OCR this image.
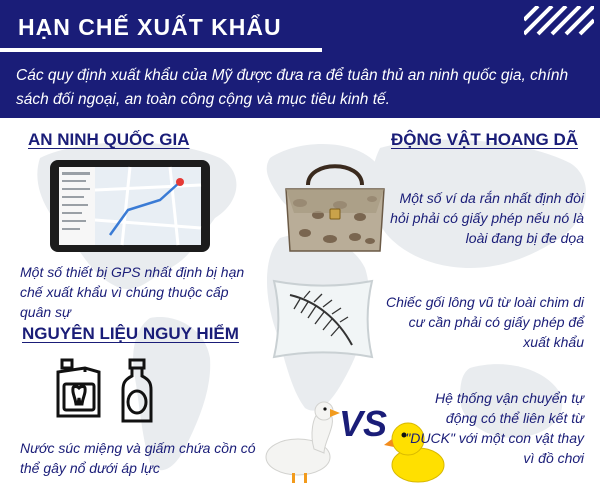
HẠN CHẾ XUẤT KHẨU
Các quy định xuất khẩu của Mỹ được đưa ra để tuân thủ an ninh quốc gia, chính sách đối ngoại, an toàn công cộng và mục tiêu kinh tế.
AN NINH QUỐC GIA
Một số thiết bị GPS nhất định bị hạn chế xuất khẩu vì chúng thuộc cấp quân sự
NGUYÊN LIỆU NGUY HIỂM
Nước súc miệng và giấm chứa cồn có thể gây nổ dưới áp lực
ĐỘNG VẬT HOANG DÃ
Một số ví da rắn nhất định đòi hỏi phải có giấy phép nếu nó là loài đang bị đe dọa
Chiếc gối lông vũ từ loài chim di cư cần phải có giấy phép để xuất khẩu
VS
Hệ thống vận chuyển tự động có thể liên kết từ "DUCK" với một con vật thay vì đồ chơi
